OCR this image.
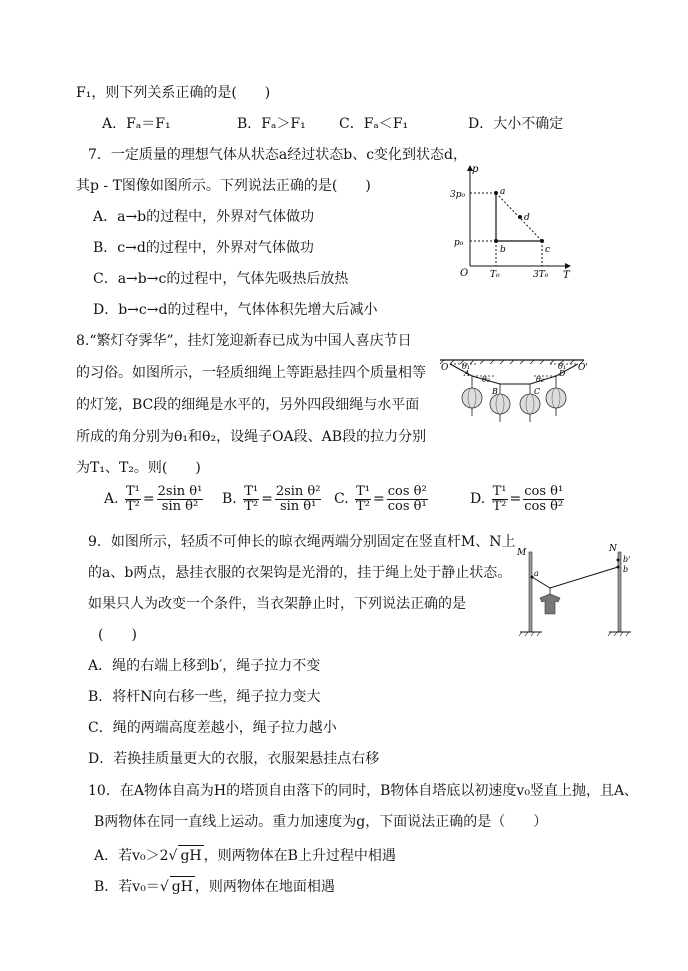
F₁，则下列关系正确的是(　　)
A．Fₐ＝F₁	B．Fₐ＞F₁ C．Fₐ＜F₁	D．大小不确定
7．一定质量的理想气体从状态a经过状态b、c变化到状态d，
其p - T图像如图所示。下列说法正确的是(　　)
A．a→b的过程中，外界对气体做功
B．c→d的过程中，外界对气体做功
C．a→b→c的过程中，气体先吸热后放热
D．b→c→d的过程中，气体体积先增大后减小
p
T
O
3p₀
p₀
T₀	3T₀
a
b	c
d
8.“繁灯夺霁华”，挂灯笼迎新春已成为中国人喜庆节日
的习俗。如图所示，一轻质细绳上等距悬挂四个质量相等
的灯笼，BC段的细绳是水平的，另外四段细绳与水平面
所成的角分别为θ₁和θ₂，设绳子OA段、AB段的拉力分别
为T₁、T₂。则(　　)
O	O'
A
B	C
D
θ₁
θ₂	θ₂
θ₁
A. $\frac{\text{T¹}}{\text{T²}} = \frac{\text{2sin θ¹}}{\text{sin θ²}} B$. $\frac{\text{T¹}}{\text{T²}} = \frac{\text{2sin θ²}}{\text{sin θ¹}} C$. $\frac{\text{T¹}}{\text{T²}} = \frac{\text{cos θ²}}{\text{cos θ¹}}$	D. $\frac{\text{T¹}}{\text{T²}} = \frac{\text{cos θ¹}}{\text{cos θ²}}$
9．如图所示，轻质不可伸长的晾衣绳两端分别固定在竖直杆M、N上
的a、b两点，悬挂衣服的衣架钩是光滑的，挂于绳上处于静止状态。
如果只人为改变一个条件，当衣架静止时，下列说法正确的是
(　　)
A．绳的右端上移到b′，绳子拉力不变
B．将杆N向右移一些，绳子拉力变大
C．绳的两端高度差越小，绳子拉力越小
D．若换挂质量更大的衣服，衣服架悬挂点右移
M	N
a	b
b'
10．在A物体自高为H的塔顶自由落下的同时，B物体自塔底以初速度v₀竖直上抛，且A、
B两物体在同一直线上运动。重力加速度为g，下面说法正确的是（　　）
A．若v₀＞2√ gH ，则两物体在B上升过程中相遇
B．若v₀＝√ gH ，则两物体在地面相遇
